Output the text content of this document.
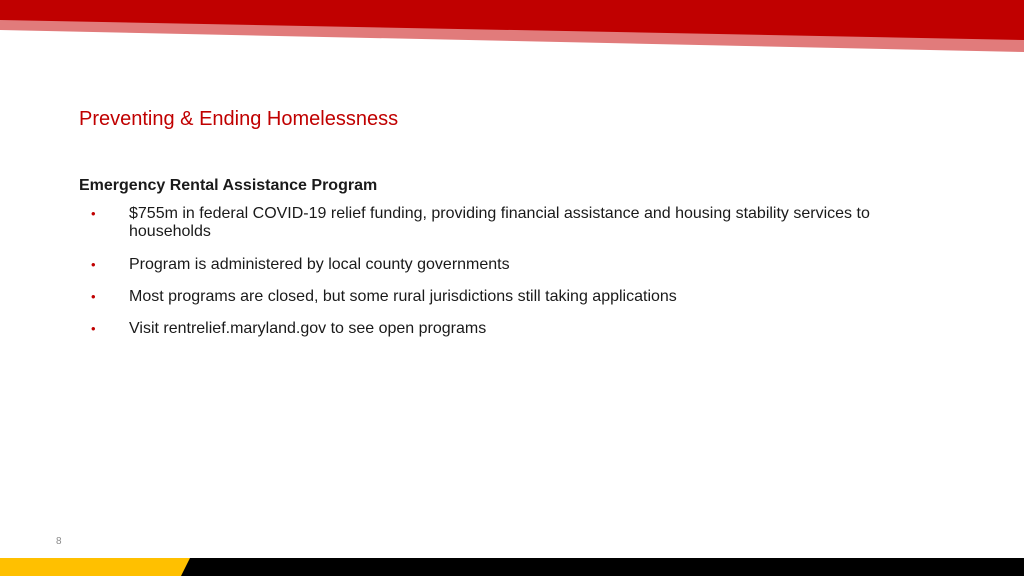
Preventing & Ending Homelessness
Emergency Rental Assistance Program
• $755m in federal COVID-19 relief funding, providing financial assistance and housing stability services to households
• Program is administered by local county governments
• Most programs are closed, but some rural jurisdictions still taking applications
• Visit rentrelief.maryland.gov to see open programs
8
